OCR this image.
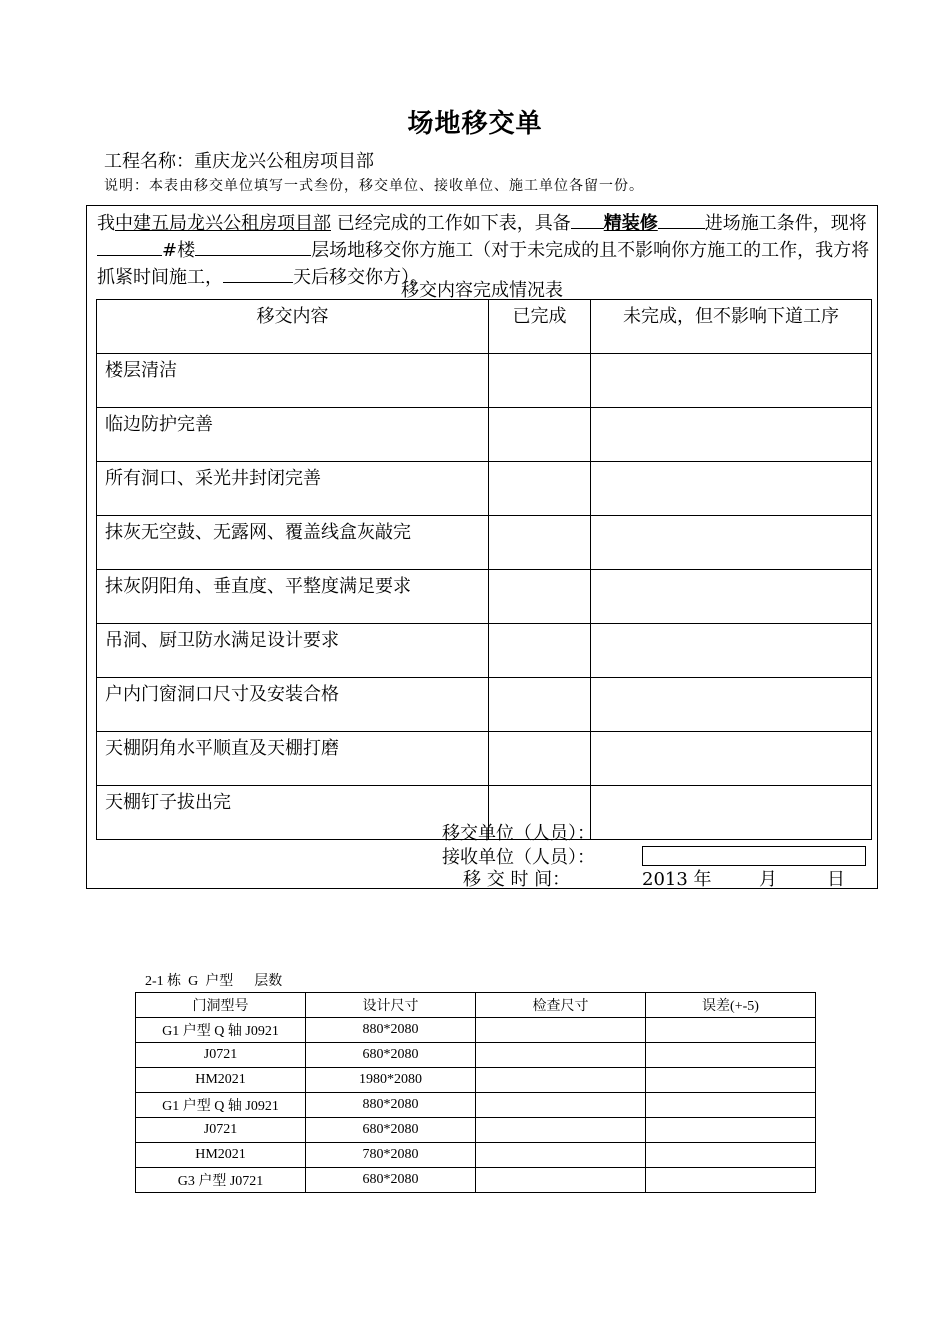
场地移交单
工程名称：重庆龙兴公租房项目部
说明：本表由移交单位填写一式叁份，移交单位、接收单位、施工单位各留一份。
我中建五局龙兴公租房项目部 已经完成的工作如下表，具备 精装修	进场施工条件，现将#楼	层场地移交你方施工（对于未完成的且不影响你方施工的工作，我方将抓紧时间施工，	天后移交你方）。
移交内容完成情况表
移交内容	已完成	未完成，但不影响下道工序
楼层清洁		
临边防护完善		
所有洞口、采光井封闭完善		
抹灰无空鼓、无露网、覆盖线盒灰敲完		
抹灰阴阳角、垂直度、平整度满足要求		
吊洞、厨卫防水满足设计要求		
户内门窗洞口尺寸及安装合格		
天棚阴角水平顺直及天棚打磨		
天棚钉子拔出完		
移交单位（人员）：
接收单位（人员）：
移 交 时 间：	2013 年	月	日
2-1 栋  G  户型      层数
门洞型号	设计尺寸	检查尺寸	误差(+-5)
G1 户型 Q 轴 J0921	880*2080		
J0721	680*2080		
HM2021	1980*2080		
G1 户型 Q 轴 J0921	880*2080		
J0721	680*2080		
HM2021	780*2080		
G3 户型 J0721	680*2080		
